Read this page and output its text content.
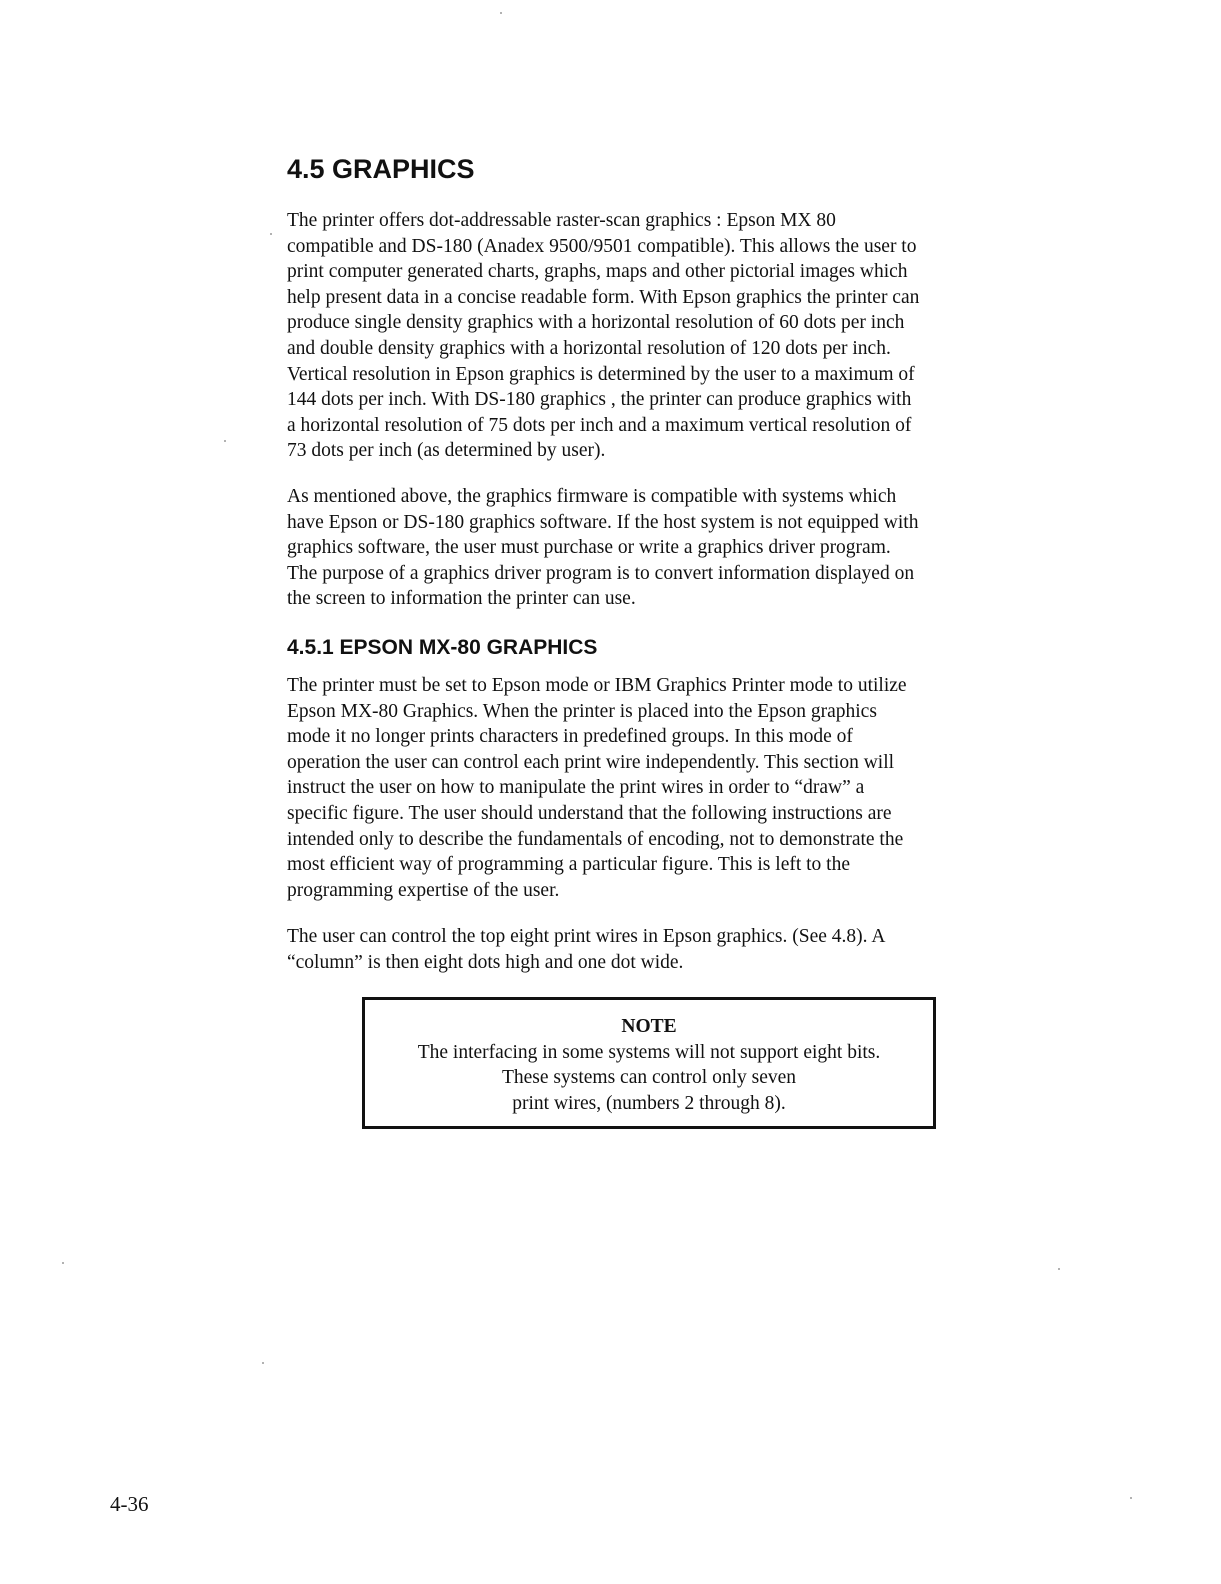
4.5 GRAPHICS
The printer offers dot-addressable raster-scan graphics : Epson MX 80
compatible and DS-180 (Anadex 9500/9501 compatible). This allows the user to
print computer generated charts, graphs, maps and other pictorial images which
help present data in a concise readable form. With Epson graphics the printer can
produce single density graphics with a horizontal resolution of 60 dots per inch
and double density graphics with a horizontal resolution of 120 dots per inch.
Vertical resolution in Epson graphics is determined by the user to a maximum of
144 dots per inch. With DS-180 graphics , the printer can produce graphics with
a horizontal resolution of 75 dots per inch and a maximum vertical resolution of
73 dots per inch (as determined by user).
As mentioned above, the graphics firmware is compatible with systems which
have Epson or DS-180 graphics software. If the host system is not equipped with
graphics software, the user must purchase or write a graphics driver program.
The purpose of a graphics driver program is to convert information displayed on
the screen to information the printer can use.
4.5.1 EPSON MX-80 GRAPHICS
The printer must be set to Epson mode or IBM Graphics Printer mode to utilize
Epson MX-80 Graphics. When the printer is placed into the Epson graphics
mode it no longer prints characters in predefined groups. In this mode of
operation the user can control each print wire independently. This section will
instruct the user on how to manipulate the print wires in order to “draw” a
specific figure. The user should understand that the following instructions are
intended only to describe the fundamentals of encoding, not to demonstrate the
most efficient way of programming a particular figure. This is left to the
programming expertise of the user.
The user can control the top eight print wires in Epson graphics. (See 4.8). A
“column” is then eight dots high and one dot wide.
NOTE
The interfacing in some systems will not support eight bits.
These systems can control only seven
print wires, (numbers 2 through 8).

4-36
